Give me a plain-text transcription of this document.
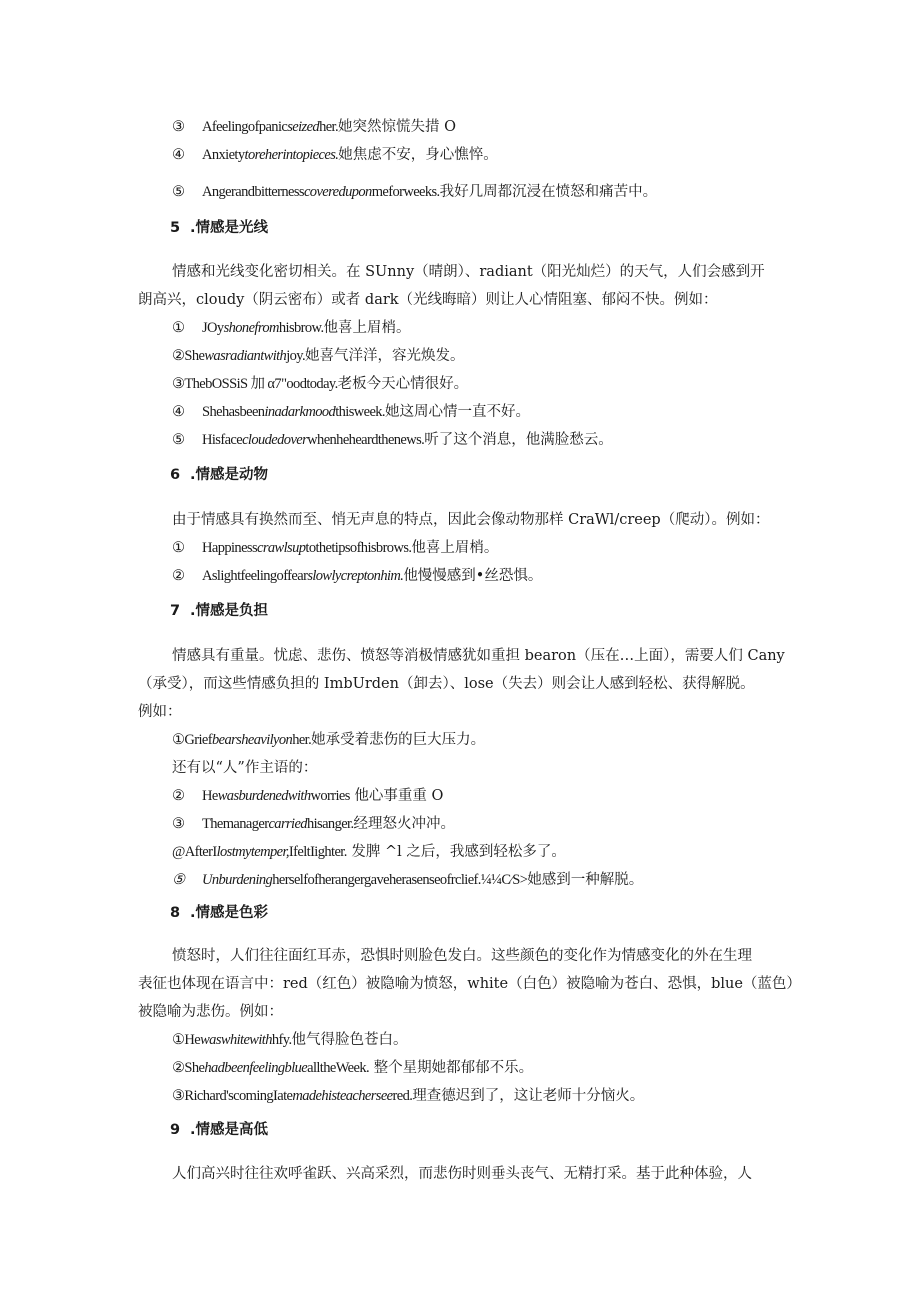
③ Afeelingofpanicseizedher.她突然惊慌失措 O
④ Anxietytoreherintopieces.她焦虑不安，身心憔悴。
⑤ Angerandbitternesscovereduponmeforweeks.我好几周都沉浸在愤怒和痛苦中。
5 .情感是光线
情感和光线变化密切相关。在 SUnny（晴朗）、radiant（阳光灿烂）的天气，人们会感到开
朗高兴，cloudy（阴云密布）或者 dark（光线晦暗）则让人心情阻塞、郁闷不快。例如：
① JOyshonefromhisbrow.他喜上眉梢。
②Shewasradiantwithjoy.她喜气洋洋，容光焕发。
③ThebOSSiS 加 α7"oodtoday.老板今天心情很好。
④ Shehasbeeninadarkmoodthisweek.她这周心情一直不好。
⑤ Hisfacecloudedoverwhenheheardthenews.听了这个消息，他满脸愁云。
6 .情感是动物
由于情感具有换然而至、悄无声息的特点，因此会像动物那样 CraWl/creep（爬动）。例如：
① Happinesscrawlsuptothetipsofhisbrows.他喜上眉梢。
② Aslightfeelingoffearslowlycreptonhim.他慢慢感到•丝恐惧。
7 .情感是负担
情感具有重量。忧虑、悲伤、愤怒等消极情感犹如重担 bearon（压在…上面），需要人们 Cany
（承受），而这些情感负担的 ImbUrden（卸去）、lose（失去）则会让人感到轻松、获得解脱。
例如：
①Griefbearsheavilyonher.她承受着悲伤的巨大压力。
还有以“人”作主语的：
② Hewasburdenedwithworries 他心事重重 O
③ Themanagercarriedhisanger.经理怒火冲冲。
@AfterIlostmytemper,IfeltIighter. 发脾 ^l 之后，我感到轻松多了。
⑤ Unburdeningherselfofherangergaveherasenseofrclief.¼¼C∕S>她感到一种解脱。
8 .情感是色彩
愤怒时，人们往往面红耳赤，恐惧时则脸色发白。这些颜色的变化作为情感变化的外在生理
表征也体现在语言中：red（红色）被隐喻为愤怒，white（白色）被隐喻为苍白、恐惧，blue（蓝色）
被隐喻为悲伤。例如：
①Hewaswhitewithhfy.他气得脸色苍白。
②ShehadbeenfeelingbluealltheWeek. 整个星期她都郁郁不乐。
③Richard'scomingIatemadehisteacherseered.理查德迟到了，这让老师十分恼火。
9 .情感是高低
人们高兴时往往欢呼雀跃、兴高采烈，而悲伤时则垂头丧气、无精打采。基于此种体验，人
